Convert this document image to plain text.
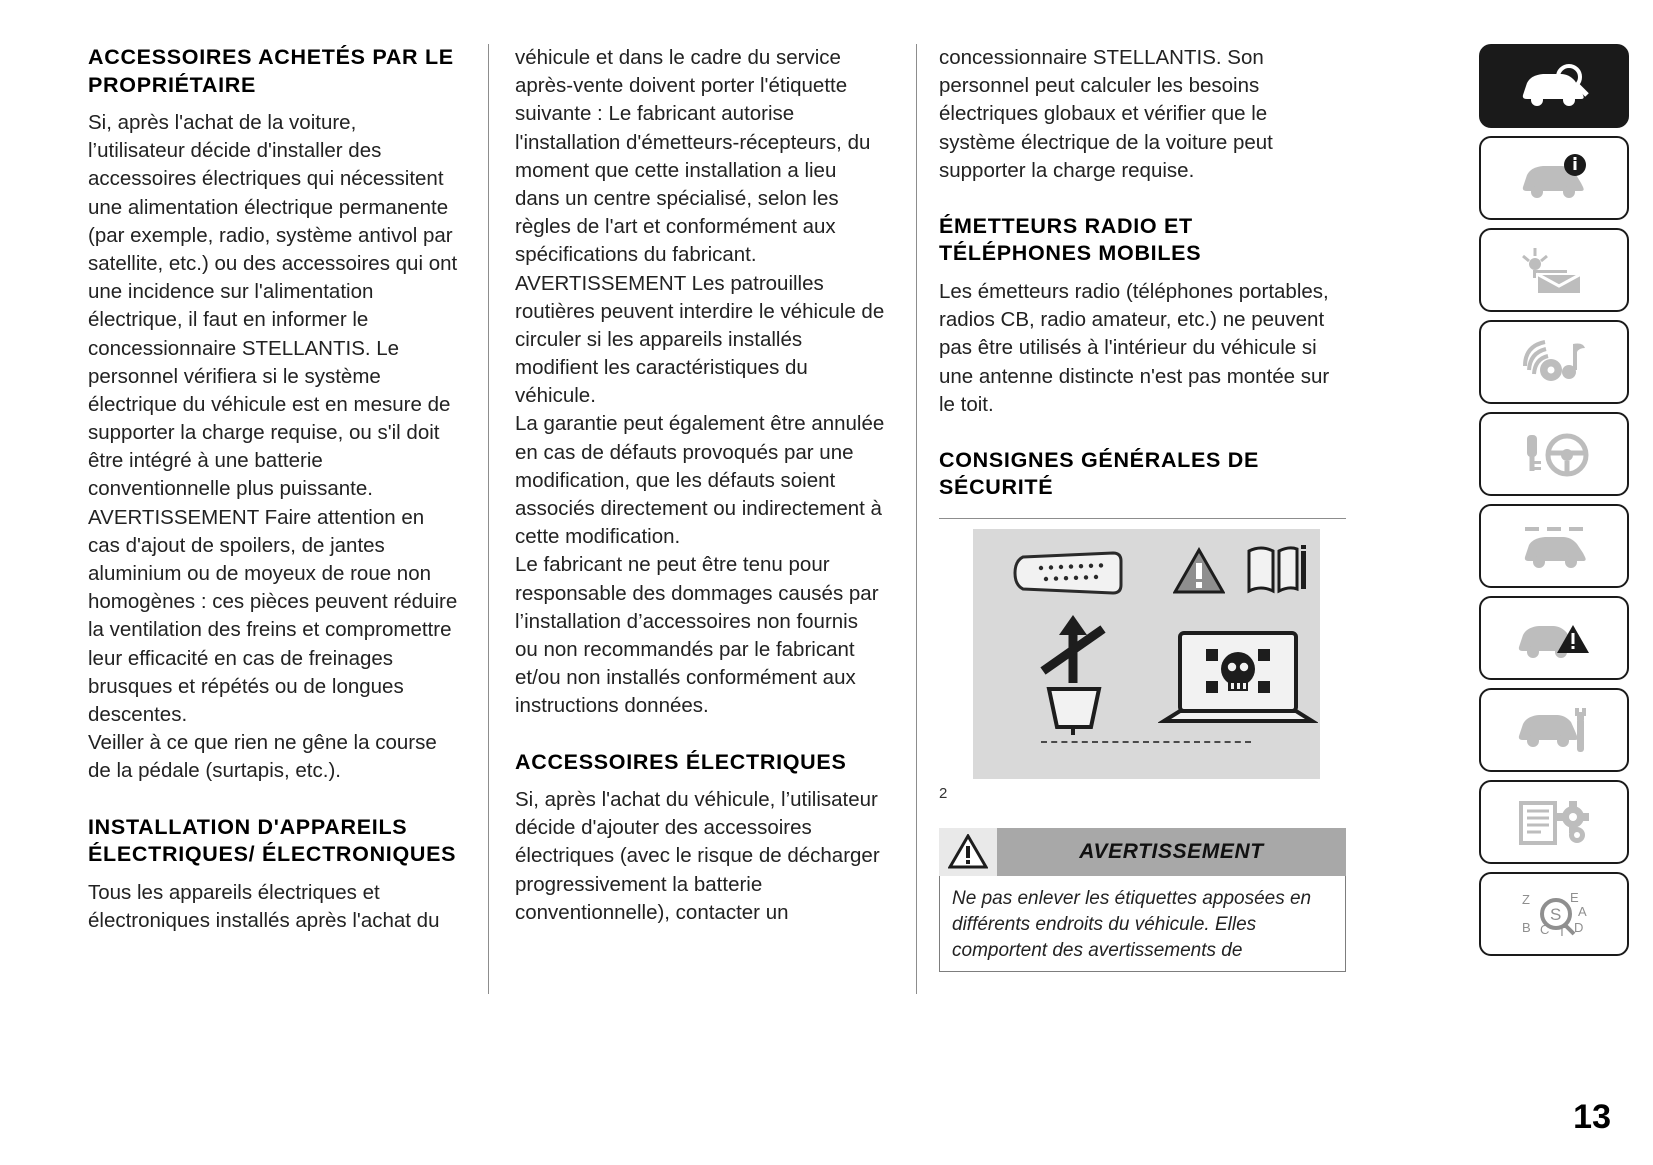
ACCESSOIRES ACHETÉS PAR LE PROPRIÉTAIRE

Si, après l'achat de la voiture, l’utilisateur décide d'installer des accessoires électriques qui nécessitent une alimentation électrique permanente (par exemple, radio, système antivol par satellite, etc.) ou des accessoires qui ont une incidence sur l'alimentation électrique, il faut en informer le concessionnaire STELLANTIS. Le personnel vérifiera si le système électrique du véhicule est en mesure de supporter la charge requise, ou s'il doit être intégré à une batterie conventionnelle plus puissante.

AVERTISSEMENT Faire attention en cas d'ajout de spoilers, de jantes aluminium ou de moyeux de roue non homogènes : ces pièces peuvent réduire la ventilation des freins et compromettre leur efficacité en cas de freinages brusques et répétés ou de longues descentes.

Veiller à ce que rien ne gêne la course de la pédale (surtapis, etc.).

INSTALLATION D'APPAREILS ÉLECTRIQUES/ ÉLECTRONIQUES

Tous les appareils électriques et électroniques installés après l'achat du

véhicule et dans le cadre du service après-vente doivent porter l'étiquette suivante : Le fabricant autorise l'installation d'émetteurs-récepteurs, du moment que cette installation a lieu dans un centre spécialisé, selon les règles de l'art et conformément aux spécifications du fabricant.

AVERTISSEMENT Les patrouilles routières peuvent interdire le véhicule de circuler si les appareils installés modifient les caractéristiques du véhicule.

La garantie peut également être annulée en cas de défauts provoqués par une modification, que les défauts soient associés directement ou indirectement à cette modification.

Le fabricant ne peut être tenu pour responsable des dommages causés par l’installation d’accessoires non fournis ou non recommandés par le fabricant et/ou non installés conformément aux instructions données.

ACCESSOIRES ÉLECTRIQUES

Si, après l'achat du véhicule, l’utilisateur décide d'ajouter des accessoires électriques (avec le risque de décharger progressivement la batterie conventionnelle), contacter un

concessionnaire STELLANTIS. Son personnel peut calculer les besoins électriques globaux et vérifier que le système électrique de la voiture peut supporter la charge requise.

ÉMETTEURS RADIO ET TÉLÉPHONES MOBILES

Les émetteurs radio (téléphones portables, radios CB, radio amateur, etc.) ne peuvent pas être utilisés à l'intérieur du véhicule si une antenne distincte n'est pas montée sur le toit.

CONSIGNES GÉNÉRALES DE SÉCURITÉ
2
AVERTISSEMENT
Ne pas enlever les étiquettes apposées en différents endroits du véhicule. Elles comportent des avertissements de
Z
B
E
A
D
C T
S
13
